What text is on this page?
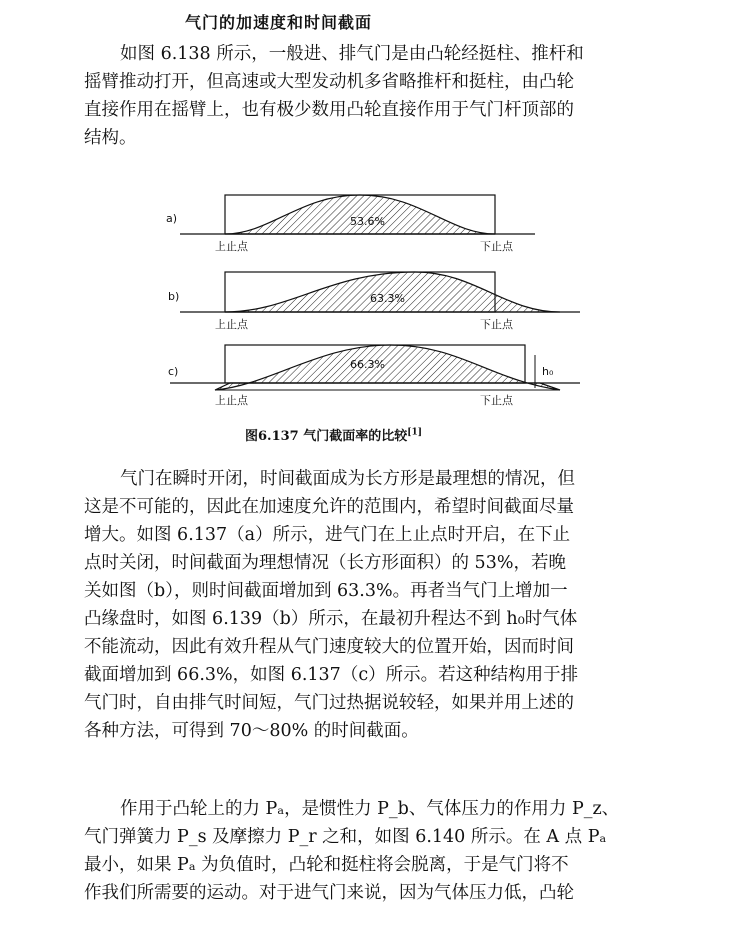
气门的加速度和时间截面
如图 6.138 所示，一般进、排气门是由凸轮经挺柱、推杆和
摇臂推动打开，但高速或大型发动机多省略推杆和挺柱，由凸轮
直接作用在摇臂上，也有极少数用凸轮直接作用于气门杆顶部的
结构。
a)	53.6%
上止点	下止点
b)	63.3%
上止点	下止点
c)
66.3%
h₀
上止点	下止点
图6.137 气门截面率的比较[1]
气门在瞬时开闭，时间截面成为长方形是最理想的情况，但
这是不可能的，因此在加速度允许的范围内，希望时间截面尽量
增大。如图 6.137（a）所示，进气门在上止点时开启，在下止
点时关闭，时间截面为理想情况（长方形面积）的 53%，若晚
关如图（b），则时间截面增加到 63.3%。再者当气门上增加一
凸缘盘时，如图 6.139（b）所示，在最初升程达不到 h₀时气体
不能流动，因此有效升程从气门速度较大的位置开始，因而时间
截面增加到 66.3%，如图 6.137（c）所示。若这种结构用于排
气门时，自由排气时间短，气门过热据说较轻，如果并用上述的
各种方法，可得到 70～80% 的时间截面。
作用于凸轮上的力 Pₐ，是惯性力 P_b、气体压力的作用力 P_z、
气门弹簧力 P_s 及摩擦力 P_r 之和，如图 6.140 所示。在 A 点 Pₐ
最小，如果 Pₐ 为负值时，凸轮和挺柱将会脱离，于是气门将不
作我们所需要的运动。对于进气门来说，因为气体压力低，凸轮
